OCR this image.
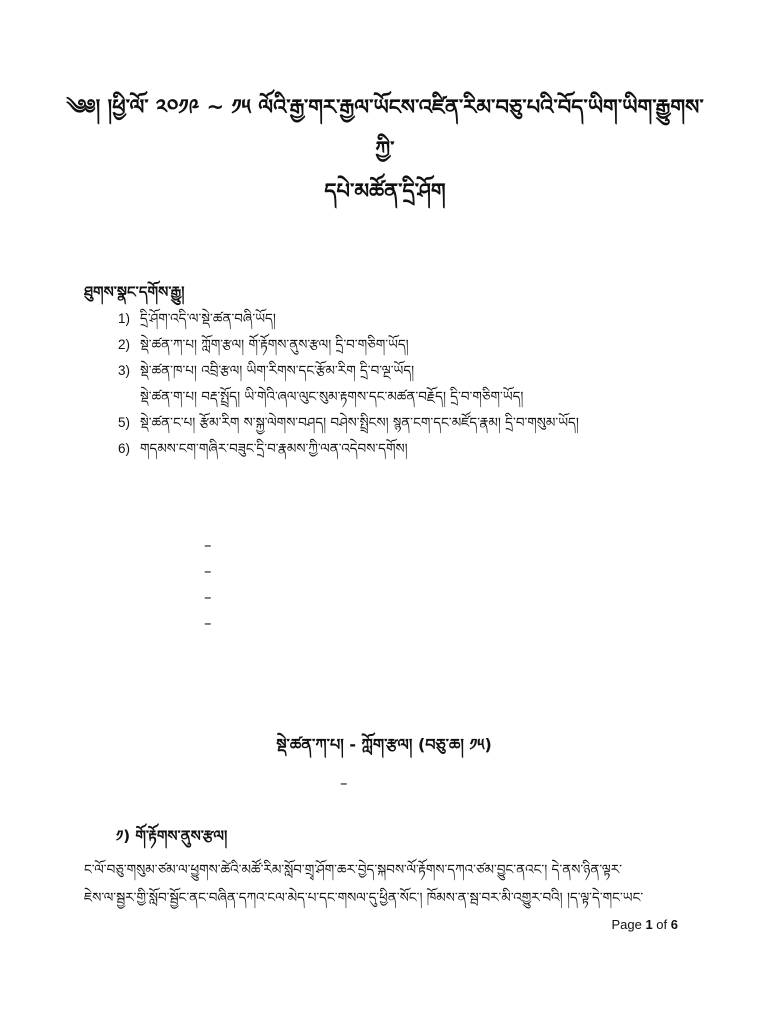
༄༅། །ཕྱི་ལོ་ ༢༠༡༩ ~ ༡༥ ལོའི་རྒྱ་གར་རྒྱལ་ཡོངས་འཛིན་རིམ་བཅུ་པའི་བོད་ཡིག་ཡིག་རྒྱུགས་ཀྱི་
དཔེ་མཚོན་དྲི་ཤོག
ཐུགས་སྣང་དགོས་རྒྱུ།
1) དྲི་ཤོག་འདི་ལ་སྡེ་ཚན་བཞི་ཡོད།
2) སྡེ་ཚན་ཀ་པ། ཀློག་རྩལ། གོ་རྟོགས་ནུས་རྩལ། དྲི་བ་གཅིག་ཡོད།
3) སྡེ་ཚན་ཁ་པ། འབྲི་རྩལ། ཡིག་རིགས་དང་རྩོམ་རིག དྲི་བ་ལྔ་ཡོད།
སྡེ་ཚན་ག་པ། བརྡ་སྤྲོད། ཡི་གེའི་ཞལ་ལུང་སུམ་རྟགས་དང་མཚན་བརྗོད། དྲི་བ་གཅིག་ཡོད།
5) སྡེ་ཚན་ང་པ། རྩོམ་རིག ས་སྐྱ་ལེགས་བཤད། བཤེས་སྤྲིངས། སྙན་ངག་དང་མཛོད་རྣམ། དྲི་བ་གསུམ་ཡོད།
6) གདམས་ངག་གཞིར་བཟུང་དྲི་བ་རྣམས་ཀྱི་ལན་འདེབས་དགོས།
–
–
–
–
སྡེ་ཚན་ཀ་པ། - ཀློག་རྩལ། (བཅུ་ཆ། ༡༥)
–
༡) གོ་རྟོགས་ནུས་རྩལ།
ང་ལོ་བཅུ་གསུམ་ཙམ་ལ་ཕྱུགས་ཚེའི་མཚོ་རིམ་སློབ་གྲྭ་ཤོག་ཆར་བྱེད་སྐབས་ལོ་རྟོགས་དཀའ་ཙམ་བྱུང་ནའང་། དེ་ནས་ཉིན་ལྟར་
ཇེས་ལ་སྦྱར་གྱི་སློབ་སྦྱོང་ནང་བཞིན་དཀའ་ངལ་མེད་པ་དང་གསལ་དུ་ཕྱིན་སོང་། ཁོམས་ན་སྦ་བར་མི་འགྱུར་བའི། །ད་ལྟ་དེ་གང་ཡང་
Page 1 of 6
